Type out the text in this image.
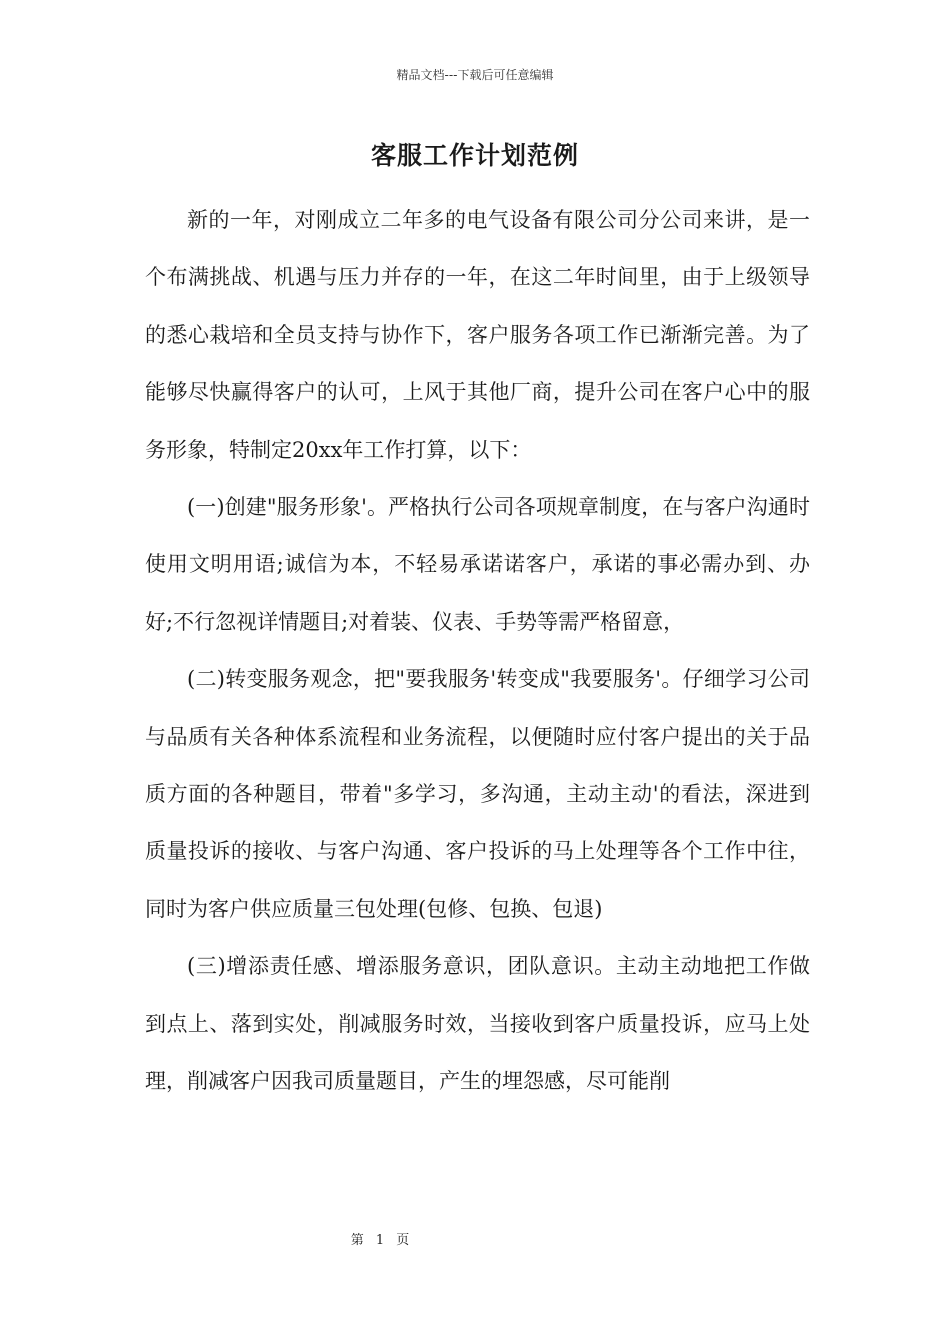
精品文档---下载后可任意编辑
客服工作计划范例

新的一年，对刚成立二年多的电气设备有限公司分公司来讲，是一个布满挑战、机遇与压力并存的一年，在这二年时间里，由于上级领导的悉心栽培和全员支持与协作下，客户服务各项工作已渐渐完善。为了能够尽快赢得客户的认可，上风于其他厂商，提升公司在客户心中的服务形象，特制定20xx年工作打算，以下：

(一)创建"服务形象'。严格执行公司各项规章制度，在与客户沟通时使用文明用语;诚信为本，不轻易承诺诺客户，承诺的事必需办到、办好;不行忽视详情题目;对着装、仪表、手势等需严格留意，

(二)转变服务观念，把"要我服务'转变成"我要服务'。仔细学习公司与品质有关各种体系流程和业务流程，以便随时应付客户提出的关于品质方面的各种题目，带着"多学习，多沟通，主动主动'的看法，深进到质量投诉的接收、与客户沟通、客户投诉的马上处理等各个工作中往，同时为客户供应质量三包处理(包修、包换、包退)

(三)增添责任感、增添服务意识，团队意识。主动主动地把工作做到点上、落到实处，削减服务时效，当接收到客户质量投诉，应马上处理，削减客户因我司质量题目，产生的埋怨感，尽可能削

第 1 页
